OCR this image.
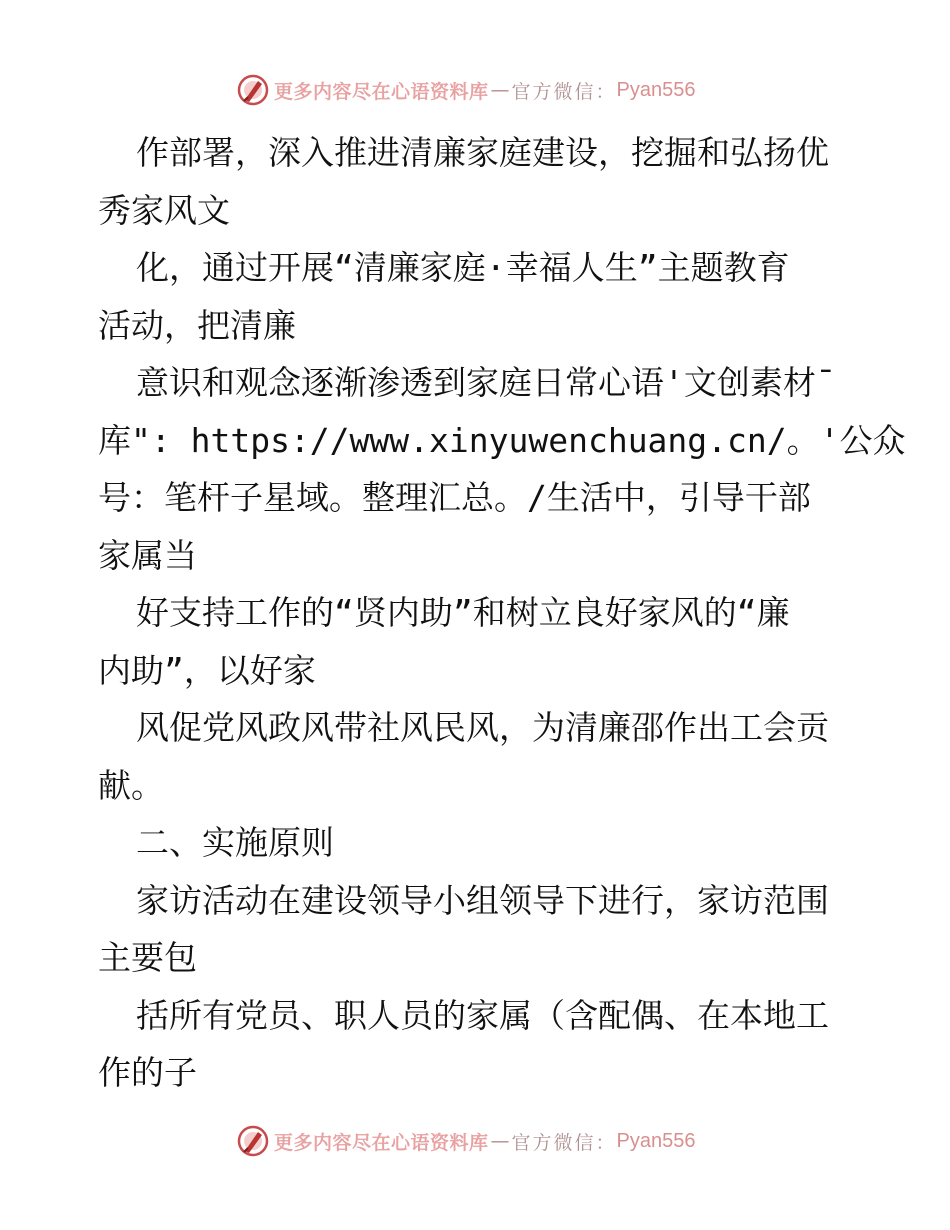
更多内容尽在心语资料库 — 官方微信： Pyan556
作部署，深入推进清廉家庭建设，挖掘和弘扬优
秀家风文
化，通过开展“清廉家庭·幸福人生”主题教育
活动，把清廉
意识和观念逐渐渗透到家庭日常心语'文创素材¯
库": https://www.xinyuwenchuang.cn/。'公众
号：笔杆子星域。整理汇总。/生活中，引导干部
家属当
好支持工作的“贤内助”和树立良好家风的“廉
内助”，以好家
风促党风政风带社风民风，为清廉邵作出工会贡
献。
二、实施原则
家访活动在建设领导小组领导下进行，家访范围
主要包
括所有党员、职人员的家属（含配偶、在本地工
作的子
更多内容尽在心语资料库 — 官方微信： Pyan556
